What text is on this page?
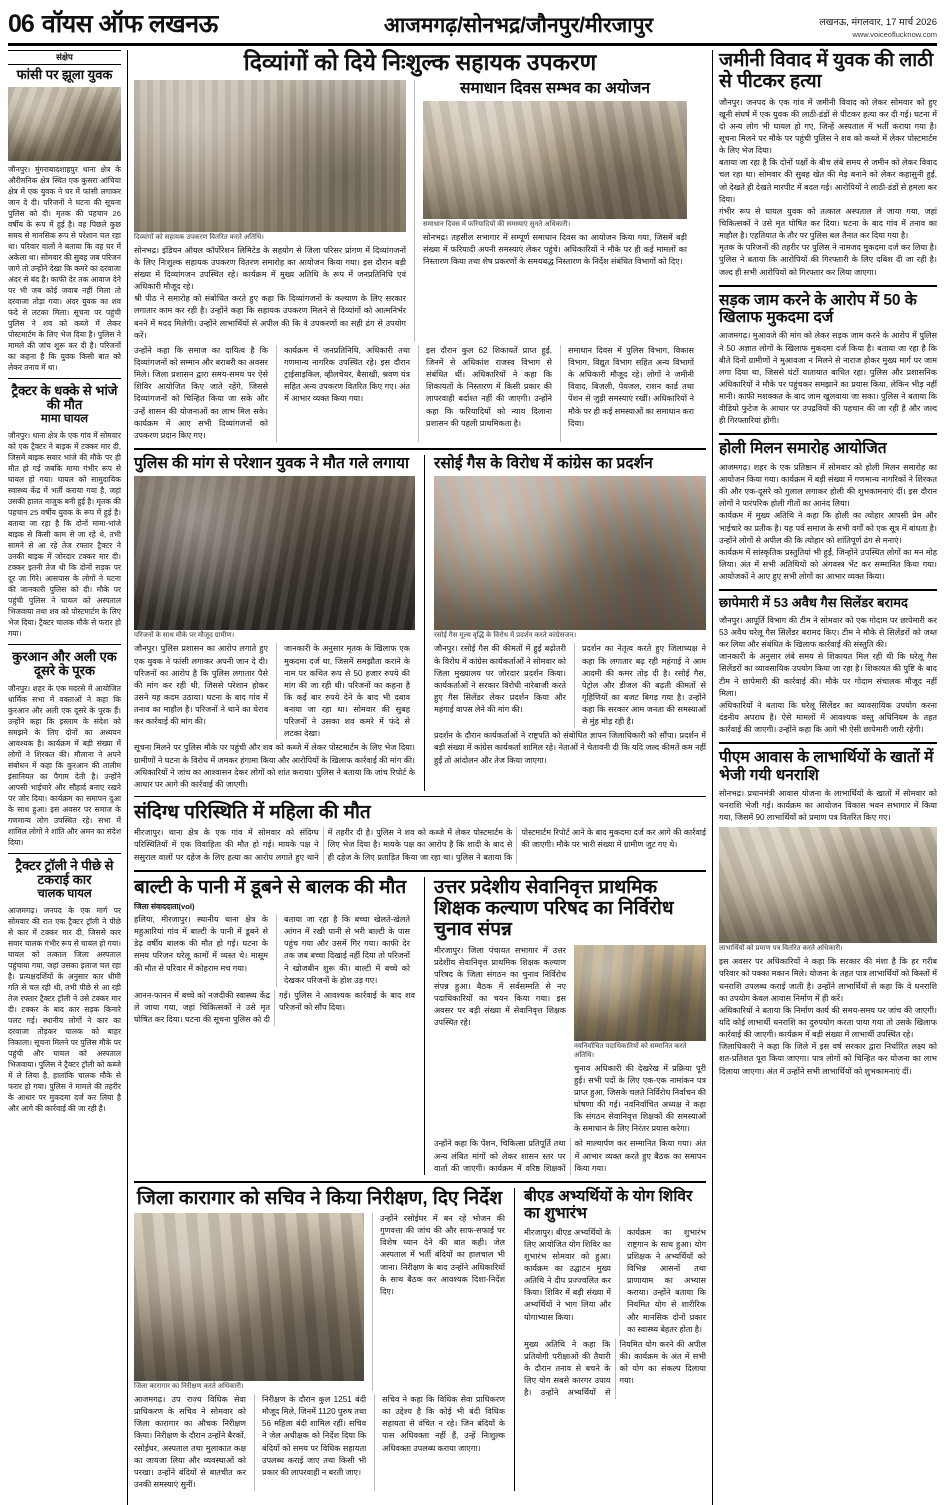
06 वॉयस ऑफ लखनऊ	आजमगढ़/सोनभद्र/जौनपुर/मीरजापुर	लखनऊ, मंगलवार, 17 मार्च 2026
www.voiceoflucknow.com
संक्षेप
फांसी पर झूला युवक
जौनपुर। मुंगराबादशाहपुर थाना क्षेत्र के औरीमनिक क्षेत्र स्थित एक कुसरा आंचिया क्षेत्र में एक युवक ने घर में फांसी लगाकर जान दे दी। परिजनों ने घटना की सूचना पुलिस को दी। मृतक की पहचान 26 वर्षीय के रूप में हुई है। वह पिछले कुछ समय से मानसिक रूप से परेशान चल रहा था। परिवार वालों ने बताया कि वह घर में अकेला था। सोमवार की सुबह जब परिजन जागे तो उन्होंने देखा कि कमरे का दरवाजा अंदर से बंद है। काफी देर तक आवाज देने पर भी जब कोई जवाब नहीं मिला तो दरवाजा तोड़ा गया। अंदर युवक का शव फंदे से लटका मिला। सूचना पर पहुंची पुलिस ने शव को कब्जे में लेकर पोस्टमार्टम के लिए भेज दिया है। पुलिस ने मामले की जांच शुरू कर दी है। परिजनों का कहना है कि युवक किसी बात को लेकर तनाव में था।
ट्रैक्टर के धक्के से भांजे की मौत
मामा घायल
जौनपुर। थाना क्षेत्र के एक गांव में सोमवार को एक ट्रैक्टर ने बाइक में टक्कर मार दी, जिसमें बाइक सवार भांजे की मौके पर ही मौत हो गई जबकि मामा गंभीर रूप से घायल हो गया। घायल को सामुदायिक स्वास्थ्य केंद्र में भर्ती कराया गया है, जहां उसकी हालत नाजुक बनी हुई है। मृतक की पहचान 25 वर्षीय युवक के रूप में हुई है। बताया जा रहा है कि दोनों मामा-भांजे बाइक से किसी काम से जा रहे थे, तभी सामने से आ रहे तेज रफ्तार ट्रैक्टर ने उनकी बाइक में जोरदार टक्कर मार दी। टक्कर इतनी तेज थी कि दोनों सड़क पर दूर जा गिरे। आसपास के लोगों ने घटना की जानकारी पुलिस को दी। मौके पर पहुंची पुलिस ने घायल को अस्पताल भिजवाया तथा शव को पोस्टमार्टम के लिए भेज दिया। ट्रैक्टर चालक मौके से फरार हो गया।
कुरआन और अली एक दूसरे के पूरक
जौनपुर। शहर के एक मदरसे में आयोजित धार्मिक सभा में वक्ताओं ने कहा कि कुरआन और अली एक दूसरे के पूरक हैं। उन्होंने कहा कि इस्लाम के संदेश को समझने के लिए दोनों का अध्ययन आवश्यक है। कार्यक्रम में बड़ी संख्या में लोगों ने शिरकत की। मौलाना ने अपने संबोधन में कहा कि कुरआन की तालीम इंसानियत का पैगाम देती है। उन्होंने आपसी भाईचारे और सौहार्द बनाए रखने पर जोर दिया। कार्यक्रम का समापन दुआ के साथ हुआ। इस अवसर पर समाज के गणमान्य लोग उपस्थित रहे। सभा में शामिल लोगों ने शांति और अमन का संदेश दिया।
ट्रैक्टर ट्रॉली ने पीछे से टकराई कार
चालक घायल
आजमगढ़। जनपद के एक मार्ग पर सोमवार की रात एक ट्रैक्टर ट्रॉली ने पीछे से कार में टक्कर मार दी, जिससे कार सवार चालक गंभीर रूप से घायल हो गया। घायल को तत्काल जिला अस्पताल पहुंचाया गया, जहां उसका इलाज चल रहा है। प्रत्यक्षदर्शियों के अनुसार कार धीमी गति से चल रही थी, तभी पीछे से आ रही तेज रफ्तार ट्रैक्टर ट्रॉली ने उसे टक्कर मार दी। टक्कर के बाद कार सड़क किनारे पलट गई। स्थानीय लोगों ने कार का दरवाजा तोड़कर चालक को बाहर निकाला। सूचना मिलने पर पुलिस मौके पर पहुंची और घायल को अस्पताल भिजवाया। पुलिस ने ट्रैक्टर ट्रॉली को कब्जे में ले लिया है, हालांकि चालक मौके से फरार हो गया। पुलिस ने मामले की तहरीर के आधार पर मुकदमा दर्ज कर लिया है और आगे की कार्रवाई की जा रही है।
दिव्यांगों को दिये निःशुल्क सहायक उपकरण
दिव्यांगों को सहायक उपकरण वितरित करते अतिथि।
सोनभद्र। इंडियन ऑयल कॉर्पोरेशन लिमिटेड के सहयोग से जिला परिसर प्रांगण में दिव्यांगजनों के लिए निःशुल्क सहायक उपकरण वितरण समारोह का आयोजन किया गया। इस दौरान बड़ी संख्या में दिव्यांगजन उपस्थित रहे। कार्यक्रम में मुख्य अतिथि के रूप में जनप्रतिनिधि एवं अधिकारी मौजूद रहे।
श्री पीठ ने समारोह को संबोधित करते हुए कहा कि दिव्यांगजनों के कल्याण के लिए सरकार लगातार काम कर रही है। उन्होंने कहा कि सहायक उपकरण मिलने से दिव्यांगों को आत्मनिर्भर बनने में मदद मिलेगी। उन्होंने लाभार्थियों से अपील की कि वे उपकरणों का सही ढंग से उपयोग करें।
समाधान दिवस सम्भव का अयोजन
समाधान दिवस में फरियादियों की समस्याएं सुनते अधिकारी।
सोनभद्र। तहसील सभागार में सम्पूर्ण समाधान दिवस का आयोजन किया गया, जिसमें बड़ी संख्या में फरियादी अपनी समस्याएं लेकर पहुंचे। अधिकारियों ने मौके पर ही कई मामलों का निस्तारण किया तथा शेष प्रकरणों के समयबद्ध निस्तारण के निर्देश संबंधित विभागों को दिए।
उन्होंने कहा कि समाज का दायित्व है कि दिव्यांगजनों को सम्मान और बराबरी का अवसर मिले। जिला प्रशासन द्वारा समय-समय पर ऐसे शिविर आयोजित किए जाते रहेंगे, जिससे दिव्यांगजनों को चिन्हित किया जा सके और उन्हें शासन की योजनाओं का लाभ मिल सके। कार्यक्रम में आए सभी दिव्यांगजनों को उपकरण प्रदान किए गए।
कार्यक्रम में जनप्रतिनिधि, अधिकारी तथा गणमान्य नागरिक उपस्थित रहे। इस दौरान ट्राईसाइकिल, व्हीलचेयर, बैसाखी, श्रवण यंत्र सहित अन्य उपकरण वितरित किए गए। अंत में आभार व्यक्त किया गया।
इस दौरान कुल 62 शिकायतें प्राप्त हुईं, जिनमें से अधिकांश राजस्व विभाग से संबंधित थीं। अधिकारियों ने कहा कि शिकायतों के निस्तारण में किसी प्रकार की लापरवाही बर्दाश्त नहीं की जाएगी। उन्होंने कहा कि फरियादियों को न्याय दिलाना प्रशासन की पहली प्राथमिकता है।
समाधान दिवस में पुलिस विभाग, विकास विभाग, विद्युत विभाग सहित अन्य विभागों के अधिकारी मौजूद रहे। लोगों ने जमीनी विवाद, बिजली, पेयजल, राशन कार्ड तथा पेंशन से जुड़ी समस्याएं रखीं। अधिकारियों ने मौके पर ही कई समस्याओं का समाधान करा दिया।
पुलिस की मांग से परेशान युवक ने मौत गले लगाया
परिजनों के साथ मौके पर मौजूद ग्रामीण।
जौनपुर। पुलिस प्रशासन का आरोप लगाते हुए एक युवक ने फांसी लगाकर अपनी जान दे दी। परिजनों का आरोप है कि पुलिस लगातार पैसे की मांग कर रही थी, जिससे परेशान होकर उसने यह कदम उठाया। घटना के बाद गांव में तनाव का माहौल है। परिजनों ने थाने का घेराव कर कार्रवाई की मांग की।
जानकारी के अनुसार मृतक के खिलाफ एक मुकदमा दर्ज था, जिसमें समझौता कराने के नाम पर कथित रूप से 50 हजार रुपये की मांग की जा रही थी। परिजनों का कहना है कि कई बार रुपये देने के बाद भी दबाव बनाया जा रहा था। सोमवार की सुबह परिजनों ने उसका शव कमरे में फंदे से लटका देखा।
सूचना मिलने पर पुलिस मौके पर पहुंची और शव को कब्जे में लेकर पोस्टमार्टम के लिए भेज दिया। ग्रामीणों ने घटना के विरोध में जमकर हंगामा किया और आरोपियों के खिलाफ कार्रवाई की मांग की। अधिकारियों ने जांच का आश्वासन देकर लोगों को शांत कराया। पुलिस ने बताया कि जांच रिपोर्ट के आधार पर आगे की कार्रवाई की जाएगी।
रसोई गैस के विरोध में कांग्रेस का प्रदर्शन
रसोई गैस मूल्य वृद्धि के विरोध में प्रदर्शन करते कांग्रेसजन।
जौनपुर। रसोई गैस की कीमतों में हुई बढ़ोतरी के विरोध में कांग्रेस कार्यकर्ताओं ने सोमवार को जिला मुख्यालय पर जोरदार प्रदर्शन किया। कार्यकर्ताओं ने सरकार विरोधी नारेबाजी करते हुए गैस सिलेंडर लेकर प्रदर्शन किया और महंगाई वापस लेने की मांग की।
प्रदर्शन का नेतृत्व करते हुए जिलाध्यक्ष ने कहा कि लगातार बढ़ रही महंगाई ने आम आदमी की कमर तोड़ दी है। रसोई गैस, पेट्रोल और डीजल की बढ़ती कीमतों से गृहिणियों का बजट बिगड़ गया है। उन्होंने कहा कि सरकार आम जनता की समस्याओं से मुंह मोड़ रही है।
प्रदर्शन के दौरान कार्यकर्ताओं ने राष्ट्रपति को संबोधित ज्ञापन जिलाधिकारी को सौंपा। प्रदर्शन में बड़ी संख्या में कांग्रेस कार्यकर्ता शामिल रहे। नेताओं ने चेतावनी दी कि यदि जल्द कीमतें कम नहीं हुईं तो आंदोलन और तेज किया जाएगा।
संदिग्ध परिस्थिति में महिला की मौत
मीरजापुर। थाना क्षेत्र के एक गांव में सोमवार को संदिग्ध परिस्थितियों में एक विवाहिता की मौत हो गई। मायके पक्ष ने ससुराल वालों पर दहेज के लिए हत्या का आरोप लगाते हुए थाने में तहरीर दी है। पुलिस ने शव को कब्जे में लेकर पोस्टमार्टम के लिए भेज दिया है। मायके पक्ष का आरोप है कि शादी के बाद से ही दहेज के लिए प्रताड़ित किया जा रहा था। पुलिस ने बताया कि पोस्टमार्टम रिपोर्ट आने के बाद मुकदमा दर्ज कर आगे की कार्रवाई की जाएगी। मौके पर भारी संख्या में ग्रामीण जुट गए थे।
बाल्टी के पानी में डूबने से बालक की मौत
जिला संवाददाता(vol)
हलिया, मीरजापुर। स्थानीय थाना क्षेत्र के महुआरियां गांव में बाल्टी के पानी में डूबने से डेढ़ वर्षीय बालक की मौत हो गई। घटना के समय परिजन घरेलू कामों में व्यस्त थे। मासूम की मौत से परिवार में कोहराम मच गया।
बताया जा रहा है कि बच्चा खेलते-खेलते आंगन में रखी पानी से भरी बाल्टी के पास पहुंच गया और उसमें गिर गया। काफी देर तक जब बच्चा दिखाई नहीं दिया तो परिजनों ने खोजबीन शुरू की। बाल्टी में बच्चे को देखकर परिजनों के होश उड़ गए।
आनन-फानन में बच्चे को नजदीकी स्वास्थ्य केंद्र ले जाया गया, जहां चिकित्सकों ने उसे मृत घोषित कर दिया। घटना की सूचना पुलिस को दी गई। पुलिस ने आवश्यक कार्रवाई के बाद शव परिजनों को सौंप दिया।
उत्तर प्रदेशीय सेवानिवृत्त प्राथमिक शिक्षक कल्याण परिषद का निर्विरोध चुनाव संपन्न
मीरजापुर। जिला पंचायत सभागार में उत्तर प्रदेशीय सेवानिवृत्त प्राथमिक शिक्षक कल्याण परिषद के जिला संगठन का चुनाव निर्विरोध संपन्न हुआ। बैठक में सर्वसम्मति से नए पदाधिकारियों का चयन किया गया। इस अवसर पर बड़ी संख्या में सेवानिवृत्त शिक्षक उपस्थित रहे।
नवनिर्वाचित पदाधिकारियों को सम्मानित करते अतिथि।
चुनाव अधिकारी की देखरेख में प्रक्रिया पूरी हुई। सभी पदों के लिए एक-एक नामांकन पत्र प्राप्त हुआ, जिसके चलते निर्विरोध निर्वाचन की घोषणा की गई। नवनिर्वाचित अध्यक्ष ने कहा कि संगठन सेवानिवृत्त शिक्षकों की समस्याओं के समाधान के लिए निरंतर प्रयास करेगा।
उन्होंने कहा कि पेंशन, चिकित्सा प्रतिपूर्ति तथा अन्य लंबित मांगों को लेकर शासन स्तर पर वार्ता की जाएगी। कार्यक्रम में वरिष्ठ शिक्षकों को माल्यार्पण कर सम्मानित किया गया। अंत में आभार व्यक्त करते हुए बैठक का समापन किया गया।
जिला कारागार को सचिव ने किया निरीक्षण, दिए निर्देश
जिला कारागार का निरीक्षण करते अधिकारी।
उन्होंने रसोईघर में बन रहे भोजन की गुणवत्ता की जांच की और साफ-सफाई पर विशेष ध्यान देने की बात कही। जेल अस्पताल में भर्ती बंदियों का हालचाल भी जाना। निरीक्षण के बाद उन्होंने अधिकारियों के साथ बैठक कर आवश्यक दिशा-निर्देश दिए।
आजमगढ़। उप राज्य विधिक सेवा प्राधिकरण के सचिव ने सोमवार को जिला कारागार का औचक निरीक्षण किया। निरीक्षण के दौरान उन्होंने बैरकों, रसोईघर, अस्पताल तथा मुलाकात कक्ष का जायजा लिया और व्यवस्थाओं को परखा। उन्होंने बंदियों से बातचीत कर उनकी समस्याएं सुनीं।
निरीक्षण के दौरान कुल 1251 बंदी मौजूद मिले, जिनमें 1120 पुरुष तथा 56 महिला बंदी शामिल रहीं। सचिव ने जेल अधीक्षक को निर्देश दिया कि बंदियों को समय पर विधिक सहायता उपलब्ध कराई जाए तथा किसी भी प्रकार की लापरवाही न बरती जाए।
सचिव ने कहा कि विधिक सेवा प्राधिकरण का उद्देश्य है कि कोई भी बंदी विधिक सहायता से वंचित न रहे। जिन बंदियों के पास अधिवक्ता नहीं हैं, उन्हें निःशुल्क अधिवक्ता उपलब्ध कराया जाएगा।
बीएड अभ्यर्थियों के योग शिविर का शुभारंभ
मीरजापुर। बीएड अभ्यर्थियों के लिए आयोजित योग शिविर का शुभारंभ सोमवार को हुआ। कार्यक्रम का उद्घाटन मुख्य अतिथि ने दीप प्रज्ज्वलित कर किया। शिविर में बड़ी संख्या में अभ्यर्थियों ने भाग लिया और योगाभ्यास किया।
कार्यक्रम का शुभारंभ राष्ट्रगान के साथ हुआ। योग प्रशिक्षक ने अभ्यर्थियों को विभिन्न आसनों तथा प्राणायाम का अभ्यास कराया। उन्होंने बताया कि नियमित योग से शारीरिक और मानसिक दोनों प्रकार का स्वास्थ्य बेहतर होता है।
मुख्य अतिथि ने कहा कि प्रतियोगी परीक्षाओं की तैयारी के दौरान तनाव से बचने के लिए योग सबसे कारगर उपाय है। उन्होंने अभ्यर्थियों से नियमित योग करने की अपील की। कार्यक्रम के अंत में सभी को योग का संकल्प दिलाया गया।
जमीनी विवाद में युवक की लाठी से पीटकर हत्या
जौनपुर। जनपद के एक गांव में जमीनी विवाद को लेकर सोमवार को हुए खूनी संघर्ष में एक युवक की लाठी-डंडों से पीटकर हत्या कर दी गई। घटना में दो अन्य लोग भी घायल हो गए, जिन्हें अस्पताल में भर्ती कराया गया है। सूचना मिलने पर मौके पर पहुंची पुलिस ने शव को कब्जे में लेकर पोस्टमार्टम के लिए भेज दिया।
बताया जा रहा है कि दोनों पक्षों के बीच लंबे समय से जमीन को लेकर विवाद चल रहा था। सोमवार की सुबह खेत की मेड़ बनाने को लेकर कहासुनी हुई, जो देखते ही देखते मारपीट में बदल गई। आरोपियों ने लाठी-डंडों से हमला कर दिया।
गंभीर रूप से घायल युवक को तत्काल अस्पताल ले जाया गया, जहां चिकित्सकों ने उसे मृत घोषित कर दिया। घटना के बाद गांव में तनाव का माहौल है। एहतियात के तौर पर पुलिस बल तैनात कर दिया गया है।
मृतक के परिजनों की तहरीर पर पुलिस ने नामजद मुकदमा दर्ज कर लिया है। पुलिस ने बताया कि आरोपियों की गिरफ्तारी के लिए दबिश दी जा रही है। जल्द ही सभी आरोपियों को गिरफ्तार कर लिया जाएगा।
सड़क जाम करने के आरोप में 50 के खिलाफ मुकदमा दर्ज
आजमगढ़। मुआवजे की मांग को लेकर सड़क जाम करने के आरोप में पुलिस ने 50 अज्ञात लोगों के खिलाफ मुकदमा दर्ज किया है। बताया जा रहा है कि बीते दिनों ग्रामीणों ने मुआवजा न मिलने से नाराज होकर मुख्य मार्ग पर जाम लगा दिया था, जिससे घंटों यातायात बाधित रहा। पुलिस और प्रशासनिक अधिकारियों ने मौके पर पहुंचकर समझाने का प्रयास किया, लेकिन भीड़ नहीं मानी। काफी मशक्कत के बाद जाम खुलवाया जा सका। पुलिस ने बताया कि वीडियो फुटेज के आधार पर उपद्रवियों की पहचान की जा रही है और जल्द ही गिरफ्तारियां होंगी।
होली मिलन समारोह आयोजित
आजमगढ़। शहर के एक प्रतिष्ठान में सोमवार को होली मिलन समारोह का आयोजन किया गया। कार्यक्रम में बड़ी संख्या में गणमान्य नागरिकों ने शिरकत की और एक-दूसरे को गुलाल लगाकर होली की शुभकामनाएं दीं। इस दौरान लोगों ने पारंपरिक होली गीतों का आनंद लिया।
कार्यक्रम में मुख्य अतिथि ने कहा कि होली का त्योहार आपसी प्रेम और भाईचारे का प्रतीक है। यह पर्व समाज के सभी वर्गों को एक सूत्र में बांधता है। उन्होंने लोगों से अपील की कि त्योहार को शांतिपूर्ण ढंग से मनाएं।
कार्यक्रम में सांस्कृतिक प्रस्तुतियां भी हुईं, जिन्होंने उपस्थित लोगों का मन मोह लिया। अंत में सभी अतिथियों को अंगवस्त्र भेंट कर सम्मानित किया गया। आयोजकों ने आए हुए सभी लोगों का आभार व्यक्त किया।
छापेमारी में 53 अवैध गैस सिलेंडर बरामद
जौनपुर। आपूर्ति विभाग की टीम ने सोमवार को एक गोदाम पर छापेमारी कर 53 अवैध घरेलू गैस सिलेंडर बरामद किए। टीम ने मौके से सिलेंडरों को जब्त कर लिया और संबंधित के खिलाफ कार्रवाई की संस्तुति की।
जानकारी के अनुसार लंबे समय से शिकायत मिल रही थी कि घरेलू गैस सिलेंडरों का व्यावसायिक उपयोग किया जा रहा है। शिकायत की पुष्टि के बाद टीम ने छापेमारी की कार्रवाई की। मौके पर गोदाम संचालक मौजूद नहीं मिला।
अधिकारियों ने बताया कि घरेलू सिलेंडर का व्यावसायिक उपयोग करना दंडनीय अपराध है। ऐसे मामलों में आवश्यक वस्तु अधिनियम के तहत कार्रवाई की जाएगी। उन्होंने कहा कि आगे भी ऐसी छापेमारी जारी रहेगी।
पीएम आवास के लाभार्थियों के खातों में भेजी गयी धनराशि
सोनभद्र। प्रधानमंत्री आवास योजना के लाभार्थियों के खातों में सोमवार को धनराशि भेजी गई। कार्यक्रम का आयोजन विकास भवन सभागार में किया गया, जिसमें 90 लाभार्थियों को प्रमाण पत्र वितरित किए गए।
लाभार्थियों को प्रमाण पत्र वितरित करते अधिकारी।
इस अवसर पर अधिकारियों ने कहा कि सरकार की मंशा है कि हर गरीब परिवार को पक्का मकान मिले। योजना के तहत पात्र लाभार्थियों को किस्तों में धनराशि उपलब्ध कराई जाती है। उन्होंने लाभार्थियों से कहा कि वे धनराशि का उपयोग केवल आवास निर्माण में ही करें।
अधिकारियों ने बताया कि निर्माण कार्य की समय-समय पर जांच की जाएगी। यदि कोई लाभार्थी धनराशि का दुरुपयोग करता पाया गया तो उसके खिलाफ कार्रवाई की जाएगी। कार्यक्रम में बड़ी संख्या में लाभार्थी उपस्थित रहे।
जिलाधिकारी ने कहा कि जिले में इस वर्ष सरकार द्वारा निर्धारित लक्ष्य को शत-प्रतिशत पूरा किया जाएगा। पात्र लोगों को चिन्हित कर योजना का लाभ दिलाया जाएगा। अंत में उन्होंने सभी लाभार्थियों को शुभकामनाएं दीं।
